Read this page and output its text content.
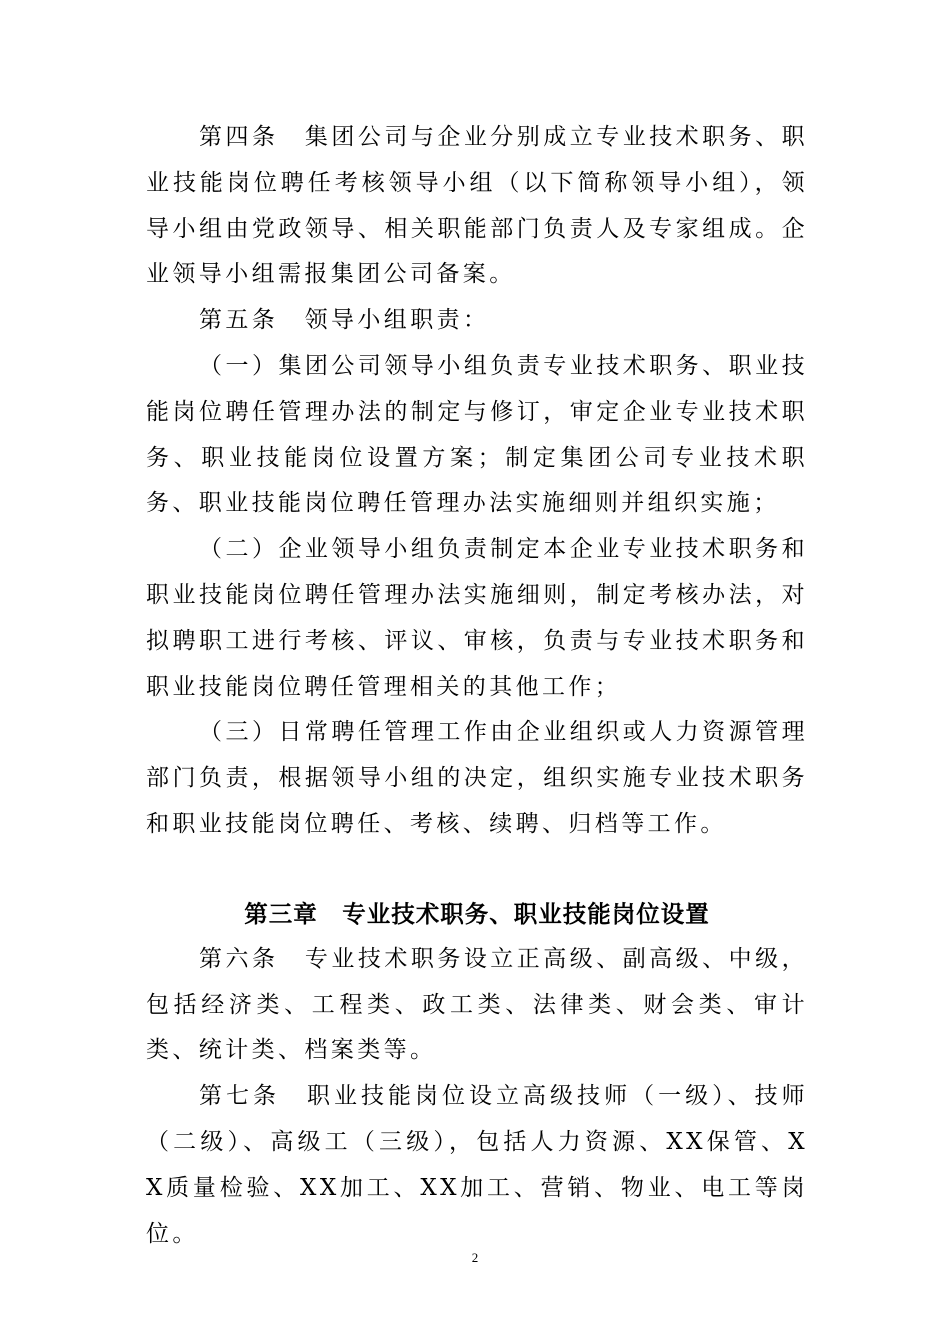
第四条　集团公司与企业分别成立专业技术职务、职业技能岗位聘任考核领导小组（以下简称领导小组），领导小组由党政领导、相关职能部门负责人及专家组成。企业领导小组需报集团公司备案。

第五条　领导小组职责：

（一）集团公司领导小组负责专业技术职务、职业技能岗位聘任管理办法的制定与修订，审定企业专业技术职务、职业技能岗位设置方案；制定集团公司专业技术职务、职业技能岗位聘任管理办法实施细则并组织实施；

（二）企业领导小组负责制定本企业专业技术职务和职业技能岗位聘任管理办法实施细则，制定考核办法，对拟聘职工进行考核、评议、审核，负责与专业技术职务和职业技能岗位聘任管理相关的其他工作；

（三）日常聘任管理工作由企业组织或人力资源管理部门负责，根据领导小组的决定，组织实施专业技术职务和职业技能岗位聘任、考核、续聘、归档等工作。

第三章　专业技术职务、职业技能岗位设置

第六条　专业技术职务设立正高级、副高级、中级，包括经济类、工程类、政工类、法律类、财会类、审计类、统计类、档案类等。

第七条　职业技能岗位设立高级技师（一级）、技师（二级）、高级工（三级），包括人力资源、XX保管、XX质量检验、XX加工、XX加工、营销、物业、电工等岗位。

2
